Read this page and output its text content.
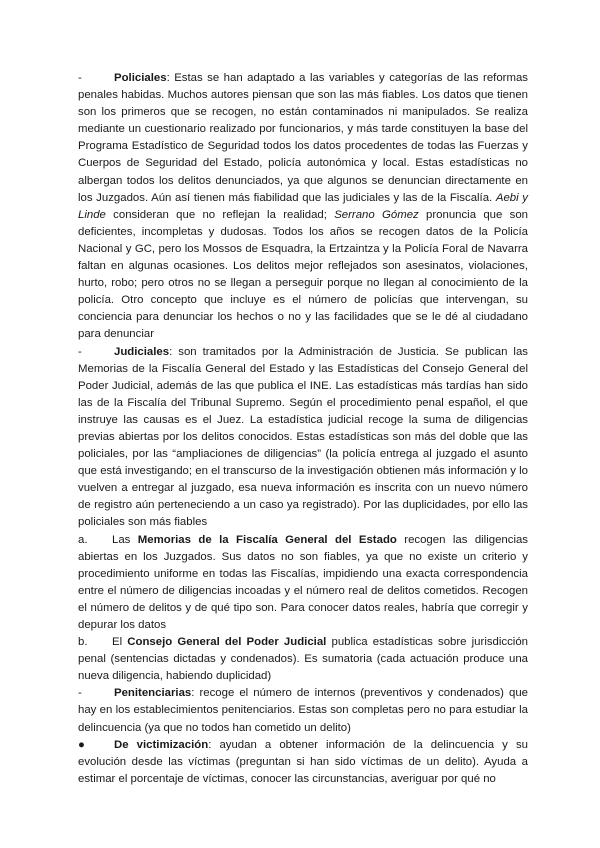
-	Policiales: Estas se han adaptado a las variables y categorías de las reformas penales habidas. Muchos autores piensan que son las más fiables. Los datos que tienen son los primeros que se recogen, no están contaminados ni manipulados. Se realiza mediante un cuestionario realizado por funcionarios, y más tarde constituyen la base del Programa Estadístico de Seguridad todos los datos procedentes de todas las Fuerzas y Cuerpos de Seguridad del Estado, policía autonómica y local. Estas estadísticas no albergan todos los delitos denunciados, ya que algunos se denuncian directamente en los Juzgados. Aún así tienen más fiabilidad que las judiciales y las de la Fiscalía. Aebi y Linde consideran que no reflejan la realidad; Serrano Gómez pronuncia que son deficientes, incompletas y dudosas. Todos los años se recogen datos de la Policía Nacional y GC, pero los Mossos de Esquadra, la Ertzaintza y la Policía Foral de Navarra faltan en algunas ocasiones. Los delitos mejor reflejados son asesinatos, violaciones, hurto, robo; pero otros no se llegan a perseguir porque no llegan al conocimiento de la policía. Otro concepto que incluye es el número de policías que intervengan, su conciencia para denunciar los hechos o no y las facilidades que se le dé al ciudadano para denunciar

-	Judiciales: son tramitados por la Administración de Justicia. Se publican las Memorias de la Fiscalía General del Estado y las Estadísticas del Consejo General del Poder Judicial, además de las que publica el INE. Las estadísticas más tardías han sido las de la Fiscalía del Tribunal Supremo. Según el procedimiento penal español, el que instruye las causas es el Juez. La estadística judicial recoge la suma de diligencias previas abiertas por los delitos conocidos. Estas estadísticas son más del doble que las policiales, por las “ampliaciones de diligencias” (la policía entrega al juzgado el asunto que está investigando; en el transcurso de la investigación obtienen más información y lo vuelven a entregar al juzgado, esa nueva información es inscrita con un nuevo número de registro aún perteneciendo a un caso ya registrado). Por las duplicidades, por ello las policiales son más fiables

a. Las Memorias de la Fiscalía General del Estado recogen las diligencias abiertas en los Juzgados. Sus datos no son fiables, ya que no existe un criterio y procedimiento uniforme en todas las Fiscalías, impidiendo una exacta correspondencia entre el número de diligencias incoadas y el número real de delitos cometidos. Recogen el número de delitos y de qué tipo son. Para conocer datos reales, habría que corregir y depurar los datos

b. El Consejo General del Poder Judicial publica estadísticas sobre jurisdicción penal (sentencias dictadas y condenados). Es sumatoria (cada actuación produce una nueva diligencia, habiendo duplicidad)

-	Penitenciarias: recoge el número de internos (preventivos y condenados) que hay en los establecimientos penitenciarios. Estas son completas pero no para estudiar la delincuencia (ya que no todos han cometido un delito)

●	De victimización: ayudan a obtener información de la delincuencia y su evolución desde las víctimas (preguntan si han sido víctimas de un delito). Ayuda a estimar el porcentaje de víctimas, conocer las circunstancias, averiguar por qué no
